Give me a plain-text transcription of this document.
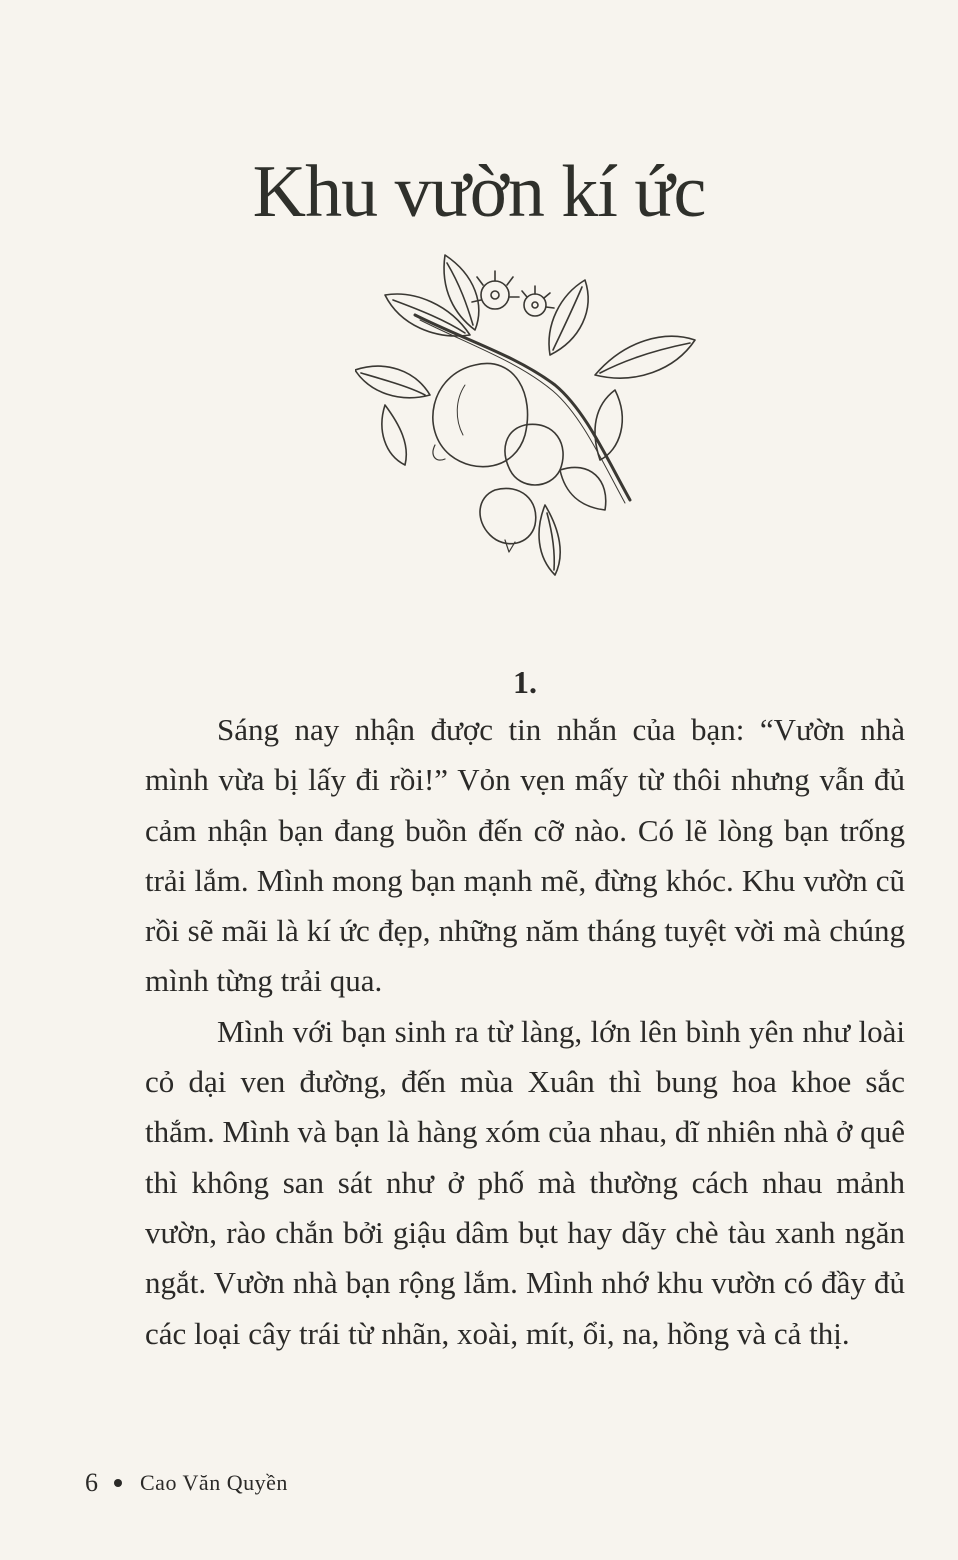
Khu vườn kí ức
1.

Sáng nay nhận được tin nhắn của bạn: “Vườn nhà mình vừa bị lấy đi rồi!” Vỏn vẹn mấy từ thôi nhưng vẫn đủ cảm nhận bạn đang buồn đến cỡ nào. Có lẽ lòng bạn trống trải lắm. Mình mong bạn mạnh mẽ, đừng khóc. Khu vườn cũ rồi sẽ mãi là kí ức đẹp, những năm tháng tuyệt vời mà chúng mình từng trải qua.

Mình với bạn sinh ra từ làng, lớn lên bình yên như loài cỏ dại ven đường, đến mùa Xuân thì bung hoa khoe sắc thắm. Mình và bạn là hàng xóm của nhau, dĩ nhiên nhà ở quê thì không san sát như ở phố mà thường cách nhau mảnh vườn, rào chắn bởi giậu dâm bụt hay dãy chè tàu xanh ngăn ngắt. Vườn nhà bạn rộng lắm. Mình nhớ khu vườn có đầy đủ các loại cây trái từ nhãn, xoài, mít, ổi, na, hồng và cả thị.

6 Cao Văn Quyền
